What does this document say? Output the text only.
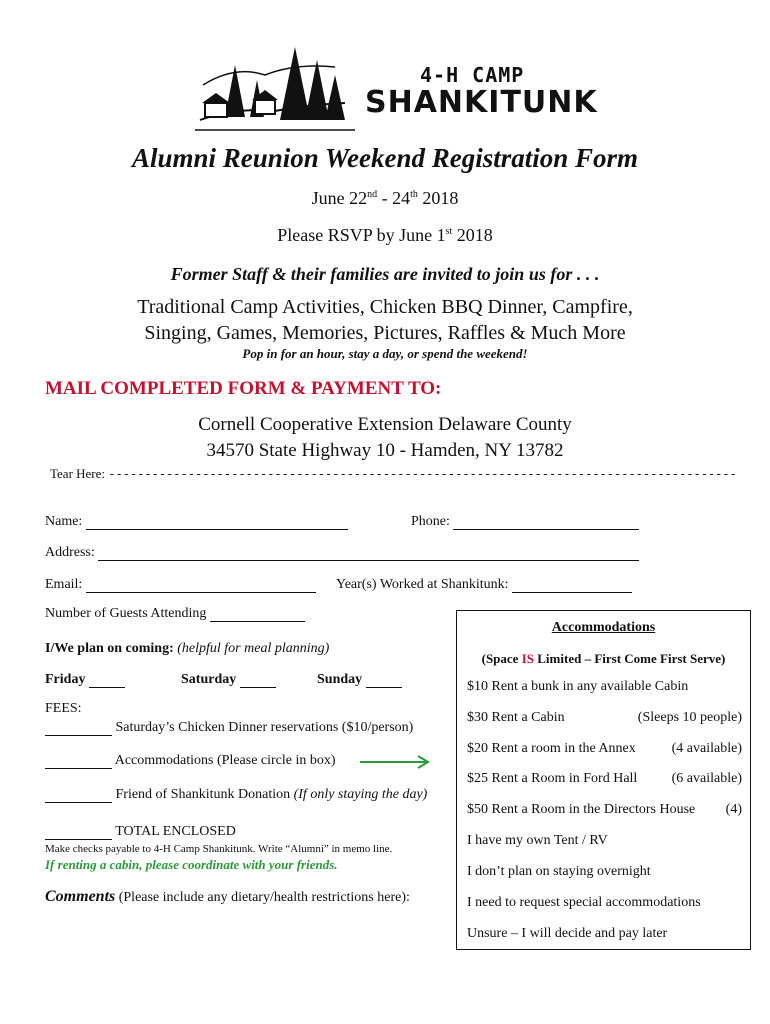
4-H CAMP
SHANKITUNK
Alumni Reunion Weekend Registration Form
June 22nd - 24th 2018
Please RSVP by June 1st 2018
Former Staff & their families are invited to join us for . . .
Traditional Camp Activities, Chicken BBQ Dinner, Campfire,
Singing, Games, Memories, Pictures, Raffles & Much More
Pop in for an hour, stay a day, or spend the weekend!
MAIL COMPLETED FORM & PAYMENT TO:
Cornell Cooperative Extension Delaware County
34570 State Highway 10 - Hamden, NY 13782
Tear Here: ---------------------------------------------------------------------------------------
Name:	Phone:
Address:
Email:	Year(s) Worked at Shankitunk:
Number of Guests Attending
I/We plan on coming: (helpful for meal planning)
Friday	Saturday	Sunday
FEES:
Saturday’s Chicken Dinner reservations ($10/person)
Accommodations (Please circle in box)
Friend of Shankitunk Donation (If only staying the day)
TOTAL ENCLOSED
Make checks payable to 4-H Camp Shankitunk. Write “Alumni” in memo line.
If renting a cabin, please coordinate with your friends.
Comments (Please include any dietary/health restrictions here):
Accommodations
(Space IS Limited – First Come First Serve)
$10 Rent a bunk in any available Cabin
$30 Rent a Cabin	(Sleeps 10 people)
$20 Rent a room in the Annex	(4 available)
$25 Rent a Room in Ford Hall (6 available)
$50 Rent a Room in the Directors House (4)
I have my own Tent / RV
I don’t plan on staying overnight
I need to request special accommodations
Unsure – I will decide and pay later
